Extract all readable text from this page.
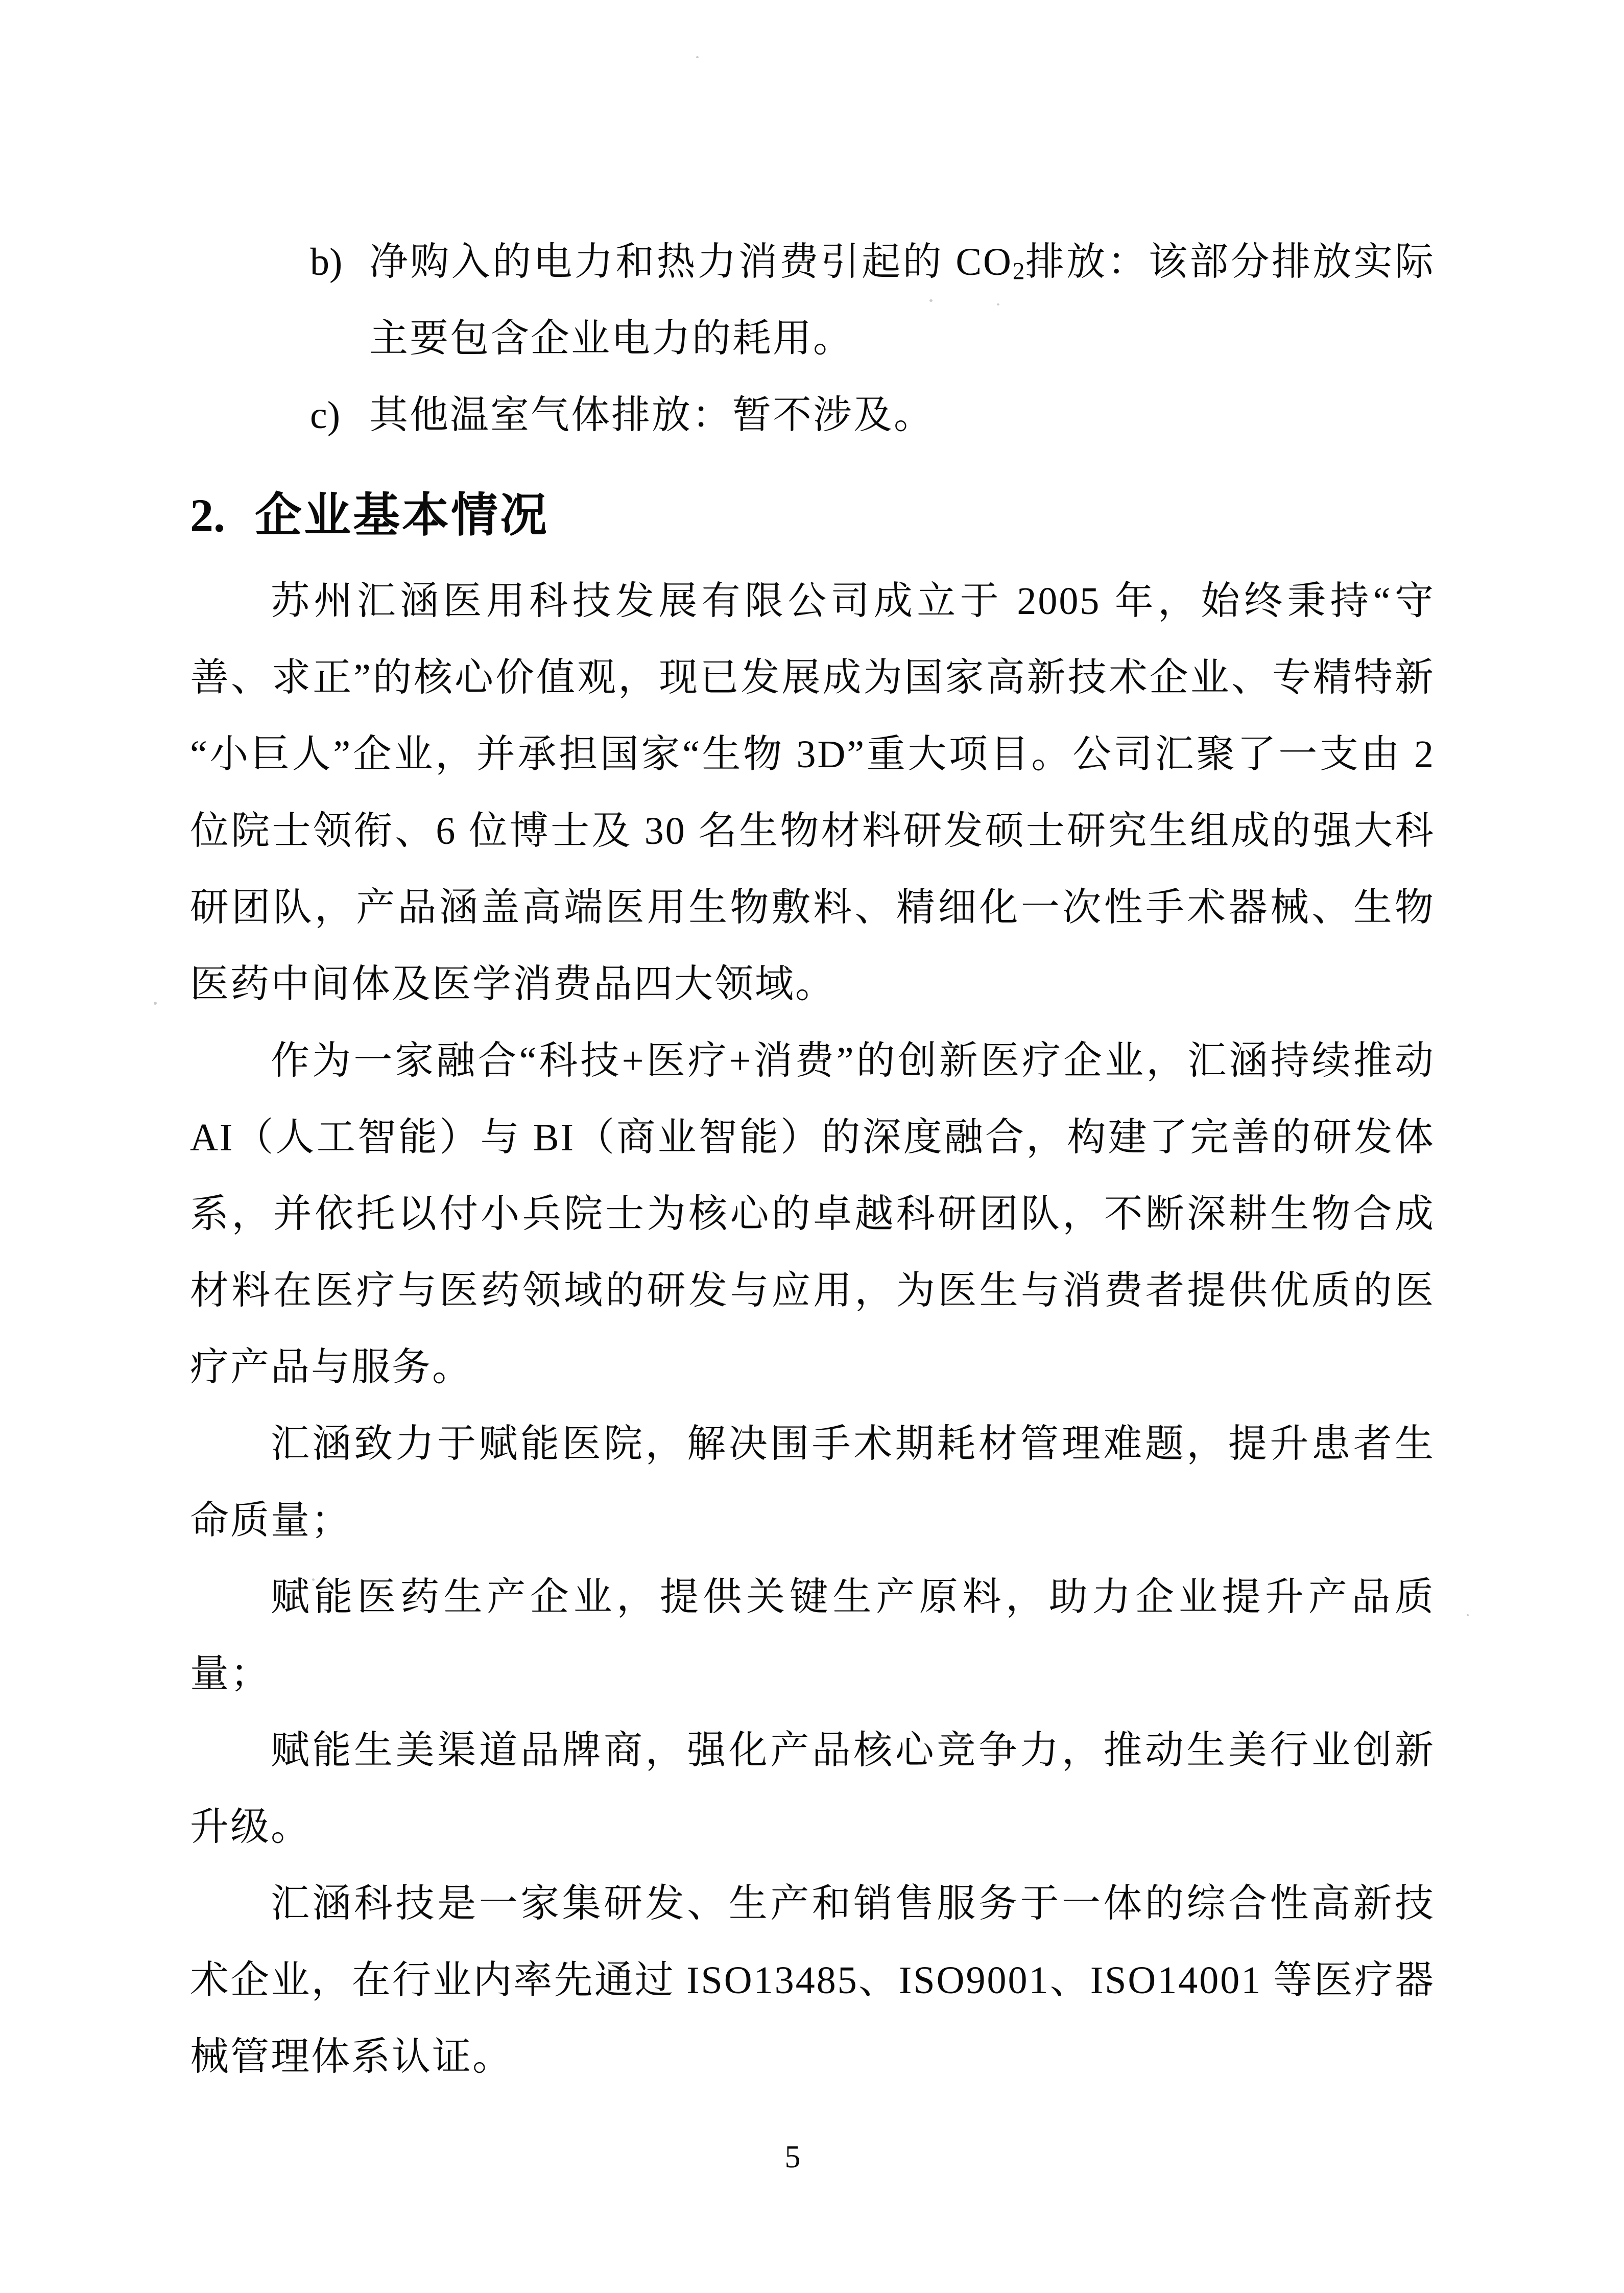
b) 净购入的电力和热力消费引起的 $CO_2$排放：该部分排放实际主要包含企业电力的耗用。
c) 其他温室气体排放：暂不涉及。
2. 企业基本情况

苏州汇涵医用科技发展有限公司成立于 2005 年，始终秉持“守善、求正”的核心价值观，现已发展成为国家高新技术企业、专精特新“小巨人”企业，并承担国家“生物 3D”重大项目。公司汇聚了一支由 2 位院士领衔、6 位博士及 30 名生物材料研发硕士研究生组成的强大科研团队，产品涵盖高端医用生物敷料、精细化一次性手术器械、生物医药中间体及医学消费品四大领域。

作为一家融合“科技+医疗+消费”的创新医疗企业，汇涵持续推动 AI（人工智能）与 BI（商业智能）的深度融合，构建了完善的研发体系，并依托以付小兵院士为核心的卓越科研团队，不断深耕生物合成材料在医疗与医药领域的研发与应用，为医生与消费者提供优质的医疗产品与服务。

汇涵致力于赋能医院，解决围手术期耗材管理难题，提升患者生命质量；

赋能医药生产企业，提供关键生产原料，助力企业提升产品质量；

赋能生美渠道品牌商，强化产品核心竞争力，推动生美行业创新升级。

汇涵科技是一家集研发、生产和销售服务于一体的综合性高新技术企业，在行业内率先通过 ISO13485、ISO9001、ISO14001 等医疗器械管理体系认证。

5
